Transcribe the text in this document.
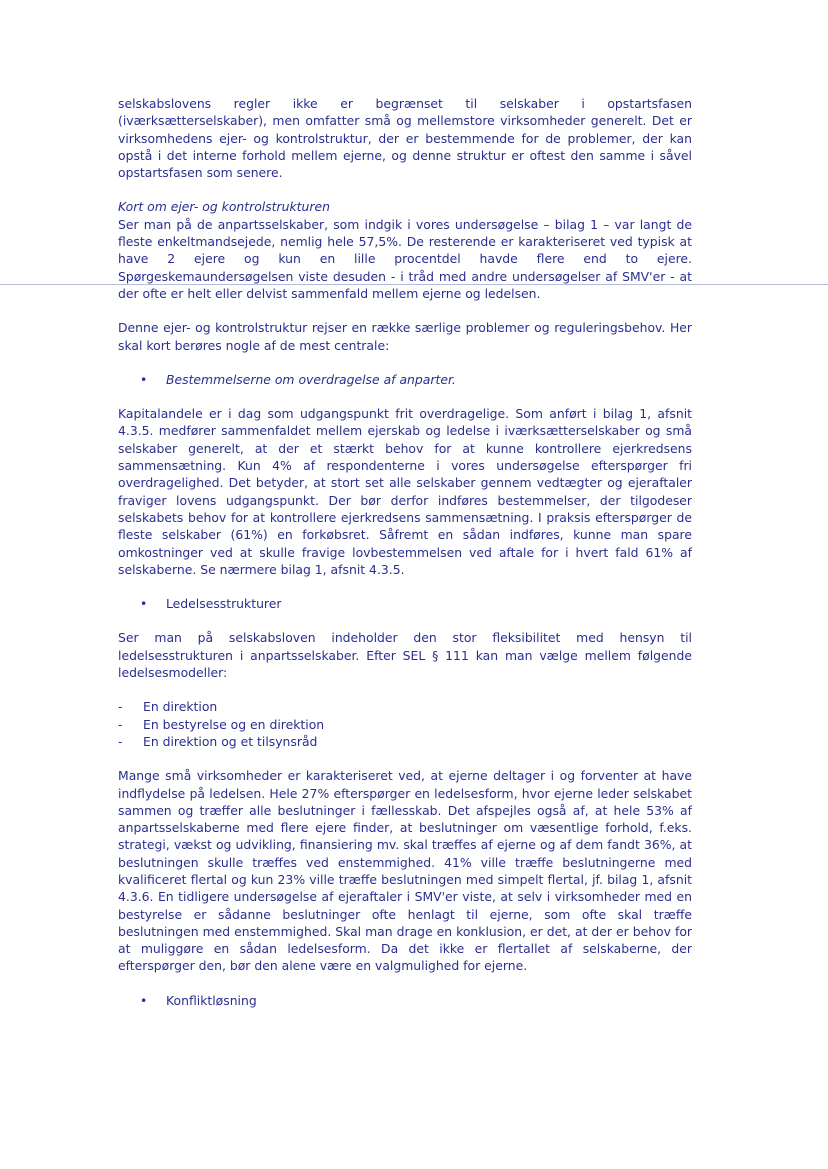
selskabslovens regler ikke er begrænset til selskaber i opstartsfasen (iværksætterselskaber), men omfatter små og mellemstore virksomheder generelt. Det er virksomhedens ejer- og kontrolstruktur, der er bestemmende for de problemer, der kan opstå i det interne forhold mellem ejerne, og denne struktur er oftest den samme i såvel opstartsfasen som senere.

Kort om ejer- og kontrolstrukturen

Ser man på de anpartsselskaber, som indgik i vores undersøgelse – bilag 1 – var langt de fleste enkeltmandsejede, nemlig hele 57,5%. De resterende er karakteriseret ved typisk at have 2 ejere og kun en lille procentdel havde flere end to ejere. Spørgeskemaundersøgelsen viste desuden - i tråd med andre undersøgelser af SMV'er - at der ofte er helt eller delvist sammenfald mellem ejerne og ledelsen.

Denne ejer- og kontrolstruktur rejser en række særlige problemer og reguleringsbehov. Her skal kort berøres nogle af de mest centrale:

• Bestemmelserne om overdragelse af anparter.

Kapitalandele er i dag som udgangspunkt frit overdragelige. Som anført i bilag 1, afsnit 4.3.5. medfører sammenfaldet mellem ejerskab og ledelse i iværksætterselskaber og små selskaber generelt, at der et stærkt behov for at kunne kontrollere ejerkredsens sammensætning. Kun 4% af respondenterne i vores undersøgelse efterspørger fri overdragelighed. Det betyder, at stort set alle selskaber gennem vedtægter og ejeraftaler fraviger lovens udgangspunkt. Der bør derfor indføres bestemmelser, der tilgodeser selskabets behov for at kontrollere ejerkredsens sammensætning. I praksis efterspørger de fleste selskaber (61%) en forkøbsret. Såfremt en sådan indføres, kunne man spare omkostninger ved at skulle fravige lovbestemmelsen ved aftale for i hvert fald 61% af selskaberne. Se nærmere bilag 1, afsnit 4.3.5.

• Ledelsesstrukturer

Ser man på selskabsloven indeholder den stor fleksibilitet med hensyn til ledelsesstrukturen i anpartsselskaber. Efter SEL § 111 kan man vælge mellem følgende ledelsesmodeller:

- En direktion
- En bestyrelse og en direktion
- En direktion og et tilsynsråd

Mange små virksomheder er karakteriseret ved, at ejerne deltager i og forventer at have indflydelse på ledelsen. Hele 27% efterspørger en ledelsesform, hvor ejerne leder selskabet sammen og træffer alle beslutninger i fællesskab. Det afspejles også af, at hele 53% af anpartsselskaberne med flere ejere finder, at beslutninger om væsentlige forhold, f.eks. strategi, vækst og udvikling, finansiering mv. skal træffes af ejerne og af dem fandt 36%, at beslutningen skulle træffes ved enstemmighed. 41% ville træffe beslutningerne med kvalificeret flertal og kun 23% ville træffe beslutningen med simpelt flertal, jf. bilag 1, afsnit 4.3.6. En tidligere undersøgelse af ejeraftaler i SMV'er viste, at selv i virksomheder med en bestyrelse er sådanne beslutninger ofte henlagt til ejerne, som ofte skal træffe beslutningen med enstemmighed. Skal man drage en konklusion, er det, at der er behov for at muliggøre en sådan ledelsesform. Da det ikke er flertallet af selskaberne, der efterspørger den, bør den alene være en valgmulighed for ejerne.

• Konfliktløsning
